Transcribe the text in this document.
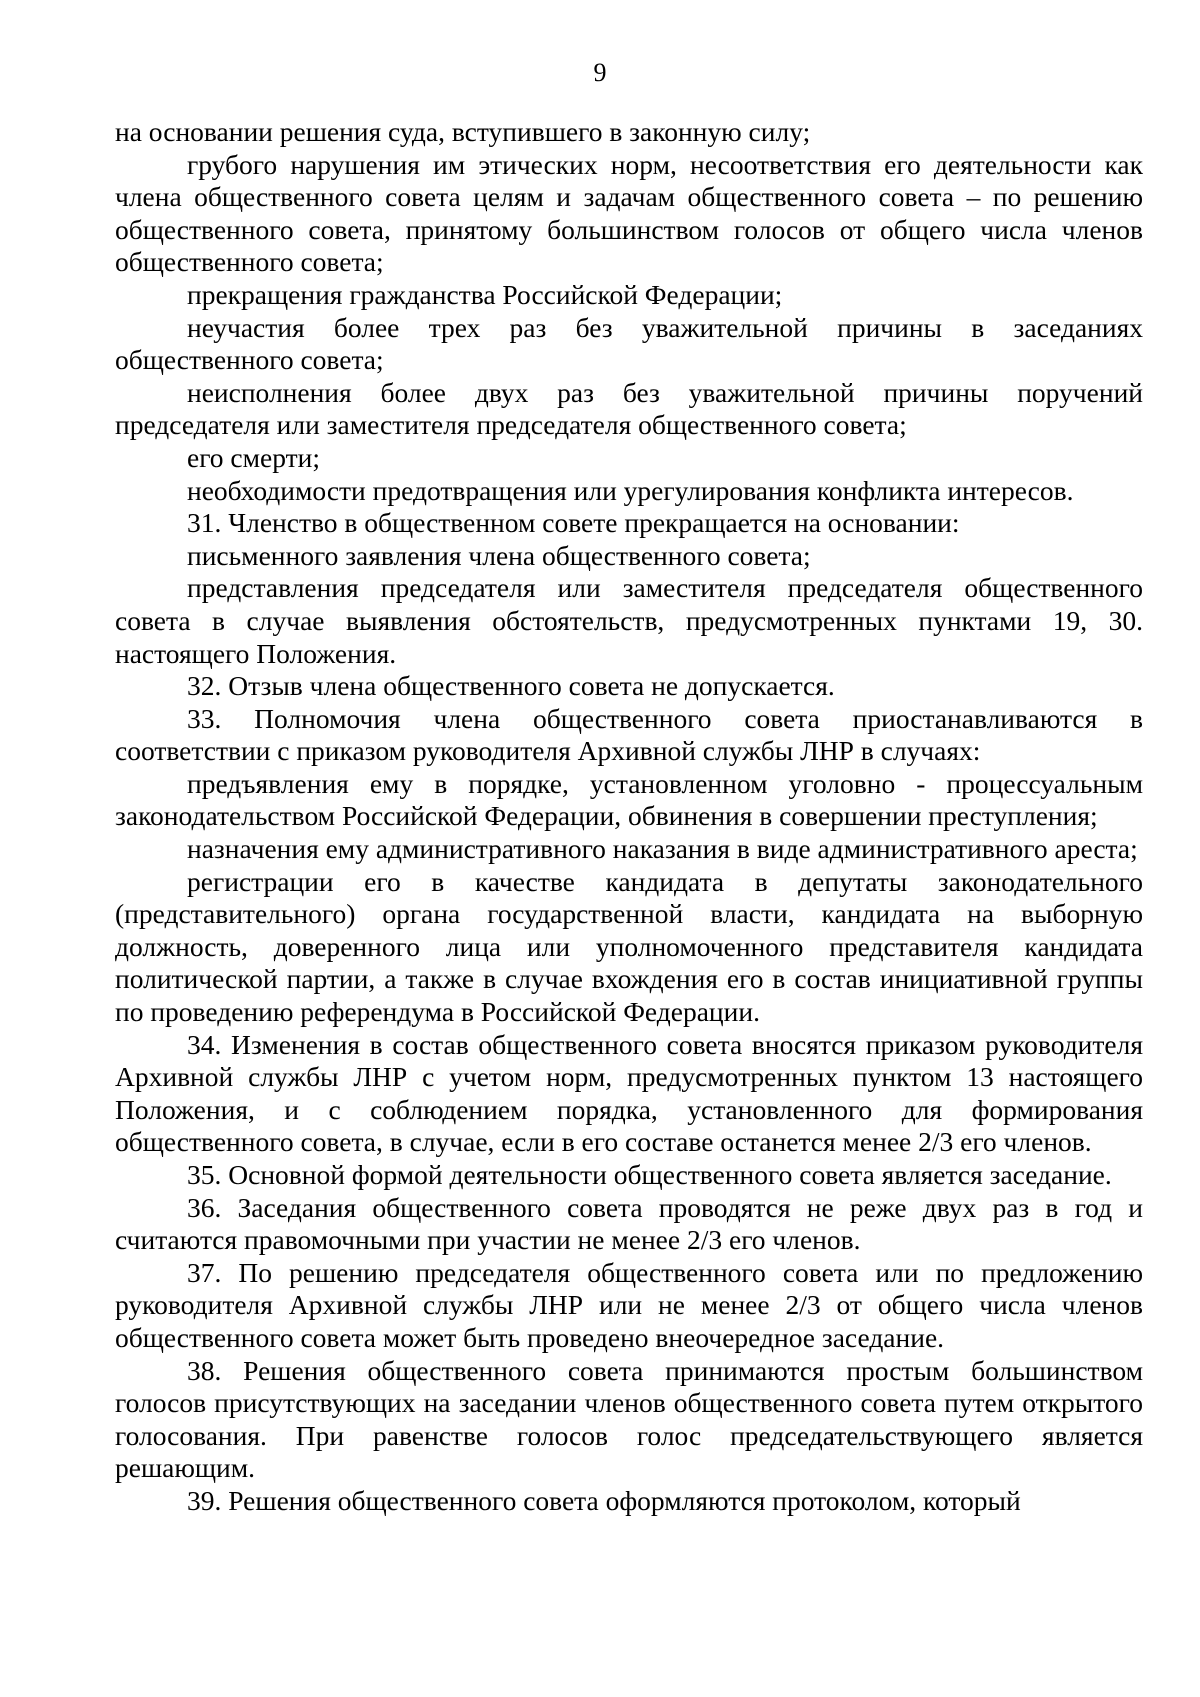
9

на основании решения суда, вступившего в законную силу;

грубого нарушения им этических норм, несоответствия его деятельности как члена общественного совета целям и задачам общественного совета – по решению общественного совета, принятому большинством голосов от общего числа членов общественного совета;

прекращения гражданства Российской Федерации;

неучастия более трех раз без уважительной причины в заседаниях общественного совета;

неисполнения более двух раз без уважительной причины поручений председателя или заместителя председателя общественного совета;

его смерти;

необходимости предотвращения или урегулирования конфликта интересов.

31. Членство в общественном совете прекращается на основании:

письменного заявления члена общественного совета;

представления председателя или заместителя председателя общественного совета в случае выявления обстоятельств, предусмотренных пунктами 19, 30. настоящего Положения.

32. Отзыв члена общественного совета не допускается.

33. Полномочия члена общественного совета приостанавливаются в соответствии с приказом руководителя Архивной службы ЛНР в случаях:

предъявления ему в порядке, установленном уголовно - процессуальным законодательством Российской Федерации, обвинения в совершении преступления;

назначения ему административного наказания в виде административного ареста;

регистрации его в качестве кандидата в депутаты законодательного (представительного) органа государственной власти, кандидата на выборную должность, доверенного лица или уполномоченного представителя кандидата политической партии, а также в случае вхождения его в состав инициативной группы по проведению референдума в Российской Федерации.

34. Изменения в состав общественного совета вносятся приказом руководителя Архивной службы ЛНР с учетом норм, предусмотренных пунктом 13 настоящего Положения, и с соблюдением порядка, установленного для формирования общественного совета, в случае, если в его составе останется менее 2/3 его членов.

35. Основной формой деятельности общественного совета является заседание.

36. Заседания общественного совета проводятся не реже двух раз в год и считаются правомочными при участии не менее 2/3 его членов.

37. По решению председателя общественного совета или по предложению руководителя Архивной службы ЛНР или не менее 2/3 от общего числа членов общественного совета может быть проведено внеочередное заседание.

38. Решения общественного совета принимаются простым большинством голосов присутствующих на заседании членов общественного совета путем открытого голосования. При равенстве голосов голос председательствующего является решающим.

39. Решения общественного совета оформляются протоколом, который
